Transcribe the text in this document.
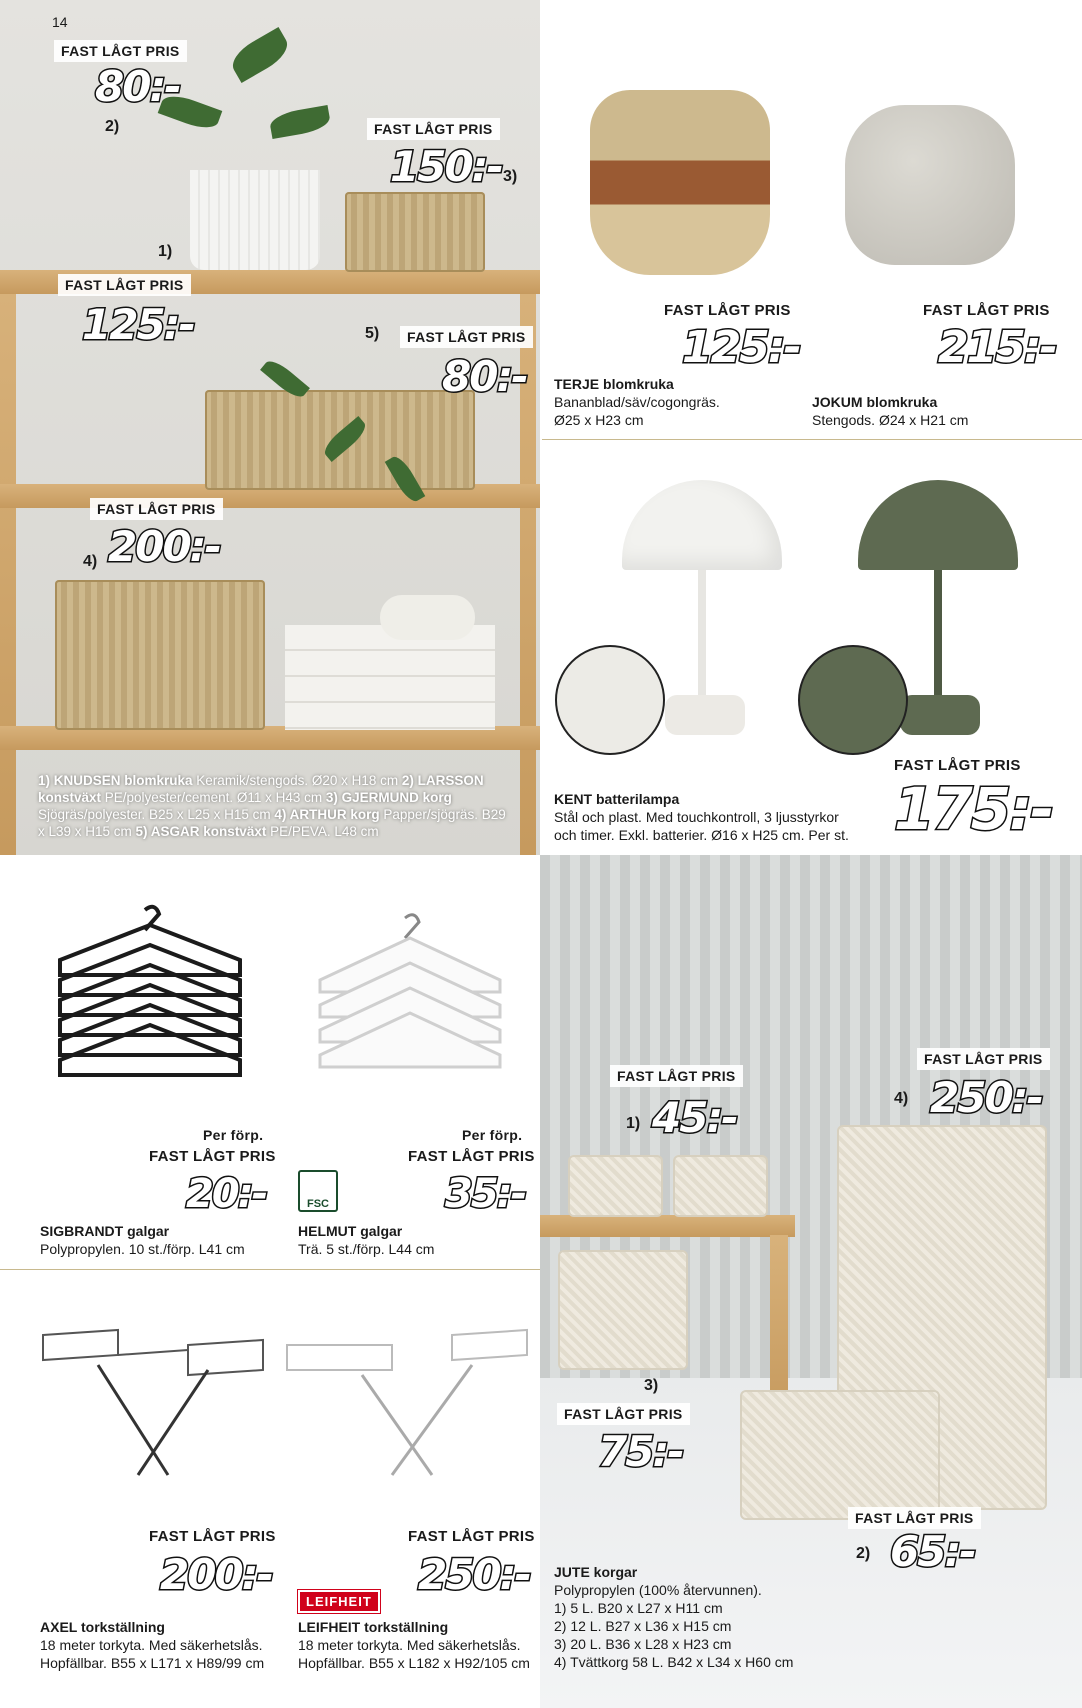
14
FAST LÅGT PRIS
80:-
2)	FAST LÅGT PRIS
150:- 3)
1)
FAST LÅGT PRIS
125:-	5)	FAST LÅGT PRIS
80:-
FAST LÅGT PRIS
4) 200:-
1) KNUDSEN blomkruka Keramik/stengods. Ø20 x H18 cm 2) LARSSON konstväxt PE/polyester/cement. Ø11 x H43 cm 3) GJERMUND korg Sjögräs/polyester. B25 x L25 x H15 cm 4) ARTHUR korg Papper/sjögräs. B29 x L39 x H15 cm 5) ASGAR konstväxt PE/PEVA. L48 cm
FAST LÅGT PRIS
125:-
TERJE blomkruka
Bananblad/säv/cogongräs.
Ø25 x H23 cm
FAST LÅGT PRIS
215:-
JOKUM blomkruka
Stengods. Ø24 x H21 cm
FAST LÅGT PRIS
175:-
KENT batterilampa
Stål och plast. Med touchkontroll, 3 ljusstyrkor
och timer. Exkl. batterier. Ø16 x H25 cm. Per st.
Per förp.
FAST LÅGT PRIS
20:-
SIGBRANDT galgar
Polypropylen. 10 st./förp. L41 cm
Per förp.
FAST LÅGT PRIS
35:-
FSC
HELMUT galgar
Trä. 5 st./förp. L44 cm
FAST LÅGT PRIS
200:-
AXEL torkställning
18 meter torkyta. Med säkerhetslås.
Hopfällbar. B55 x L171 x H89/99 cm
FAST LÅGT PRIS
250:-
LEIFHEIT
LEIFHEIT torkställning
18 meter torkyta. Med säkerhetslås.
Hopfällbar. B55 x L182 x H92/105 cm
FAST LÅGT PRIS
1) 45:-
FAST LÅGT PRIS
4) 250:-
3)
FAST LÅGT PRIS
75:-
FAST LÅGT PRIS
2) 65:-
JUTE korgar
Polypropylen (100% återvunnen).
1) 5 L. B20 x L27 x H11 cm
2) 12 L. B27 x L36 x H15 cm
3) 20 L. B36 x L28 x H23 cm
4) Tvättkorg 58 L. B42 x L34 x H60 cm
